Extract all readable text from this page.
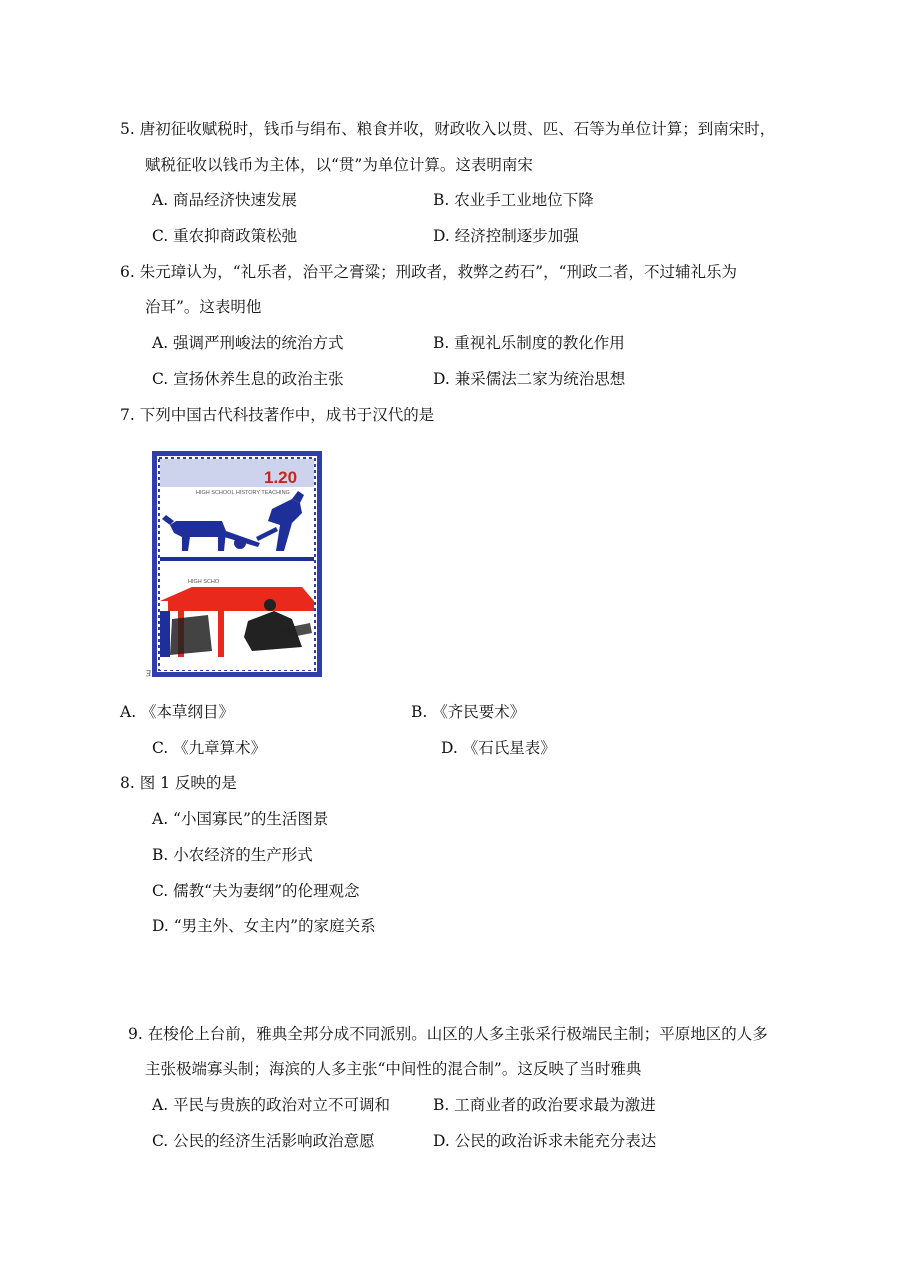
5. 唐初征收赋税时，钱币与绢布、粮食并收，财政收入以贯、匹、石等为单位计算；到南宋时，
赋税征收以钱币为主体，以“贯”为单位计算。这表明南宋
A. 商品经济快速发展	B. 农业手工业地位下降
C. 重农抑商政策松弛	D. 经济控制逐步加强
6. 朱元璋认为，“礼乐者，治平之膏粱；刑政者，救弊之药石”，“刑政二者，不过辅礼乐为
治耳”。这表明他
A. 强调严刑峻法的统治方式	B. 重视礼乐制度的教化作用
C. 宣扬休养生息的政治主张	D. 兼采儒法二家为统治思想
7. 下列中国古代科技著作中，成书于汉代的是
1.20
HIGH SCHOOL HISTORY TEACHING
HIGH SCHO
ﾖ
A. 《本草纲目》	B. 《齐民要术》
C. 《九章算术》	D. 《石氏星表》
8. 图 1 反映的是
A. “小国寡民”的生活图景
B. 小农经济的生产形式
C. 儒教“夫为妻纲”的伦理观念
D. “男主外、女主内”的家庭关系
9. 在梭伦上台前，雅典全邦分成不同派别。山区的人多主张采行极端民主制；平原地区的人多
主张极端寡头制；海滨的人多主张“中间性的混合制”。这反映了当时雅典
A. 平民与贵族的政治对立不可调和	B. 工商业者的政治要求最为激进
C. 公民的经济生活影响政治意愿	D. 公民的政治诉求未能充分表达
